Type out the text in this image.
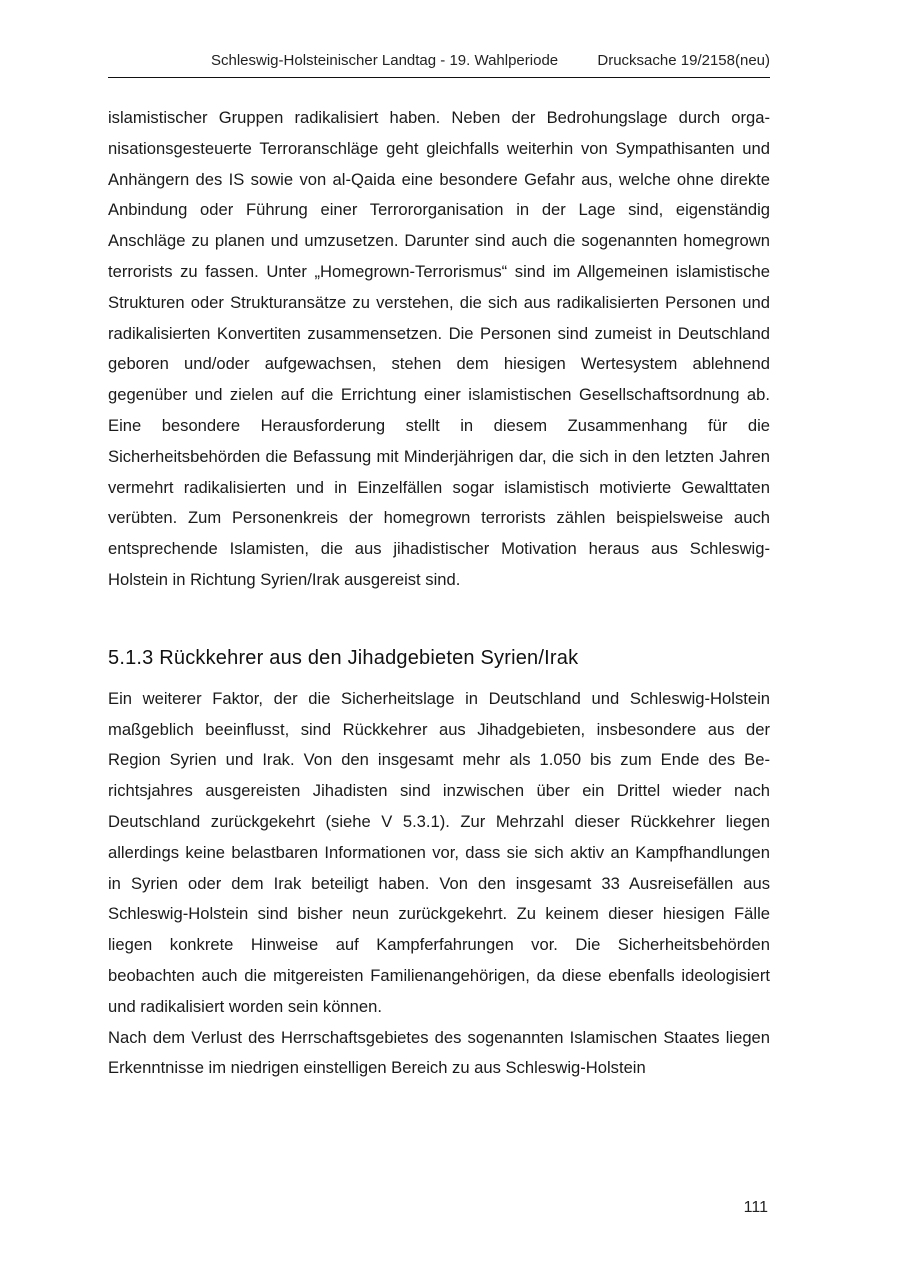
Schleswig-Holsteinischer Landtag - 19. Wahlperiode	Drucksache 19/2158(neu)

islamistischer Gruppen radikalisiert haben. Neben der Bedrohungslage durch organisationsgesteuerte Terroranschläge geht gleichfalls weiterhin von Sympathisanten und Anhängern des IS sowie von al-Qaida eine besondere Gefahr aus, welche ohne direkte Anbindung oder Führung einer Terrororganisation in der Lage sind, eigenständig Anschläge zu planen und umzusetzen. Darunter sind auch die sogenannten homegrown terrorists zu fassen. Unter „Homegrown-Terrorismus“ sind im Allgemeinen islamistische Strukturen oder Strukturansätze zu verstehen, die sich aus radikalisierten Personen und radikalisierten Konvertiten zusammensetzen. Die Personen sind zumeist in Deutschland geboren und/oder aufgewachsen, stehen dem hiesigen Wertesystem ablehnend gegenüber und zielen auf die Errichtung einer islamistischen Gesellschaftsordnung ab. Eine besondere Herausforderung stellt in diesem Zusammenhang für die Sicherheitsbehörden die Befassung mit Minderjährigen dar, die sich in den letzten Jahren vermehrt radikalisierten und in Einzelfällen sogar islamistisch motivierte Gewalttaten verübten. Zum Personenkreis der homegrown terrorists zählen beispielsweise auch entsprechende Islamisten, die aus jihadistischer Motivation heraus aus Schleswig-Holstein in Richtung Syrien/Irak ausgereist sind.

5.1.3 Rückkehrer aus den Jihadgebieten Syrien/Irak

Ein weiterer Faktor, der die Sicherheitslage in Deutschland und Schleswig-Holstein maßgeblich beeinflusst, sind Rückkehrer aus Jihadgebieten, insbesondere aus der Region Syrien und Irak. Von den insgesamt mehr als 1.050 bis zum Ende des Berichtsjahres ausgereisten Jihadisten sind inzwischen über ein Drittel wieder nach Deutschland zurückgekehrt (siehe V 5.3.1). Zur Mehrzahl dieser Rückkehrer liegen allerdings keine belastbaren Informationen vor, dass sie sich aktiv an Kampfhandlungen in Syrien oder dem Irak beteiligt haben. Von den insgesamt 33 Ausreisefällen aus Schleswig-Holstein sind bisher neun zurückgekehrt. Zu keinem dieser hiesigen Fälle liegen konkrete Hinweise auf Kampferfahrungen vor. Die Sicherheitsbehörden beobachten auch die mitgereisten Familienangehörigen, da diese ebenfalls ideologisiert und radikalisiert worden sein können.

Nach dem Verlust des Herrschaftsgebietes des sogenannten Islamischen Staates liegen Erkenntnisse im niedrigen einstelligen Bereich zu aus Schleswig-Holstein

111
